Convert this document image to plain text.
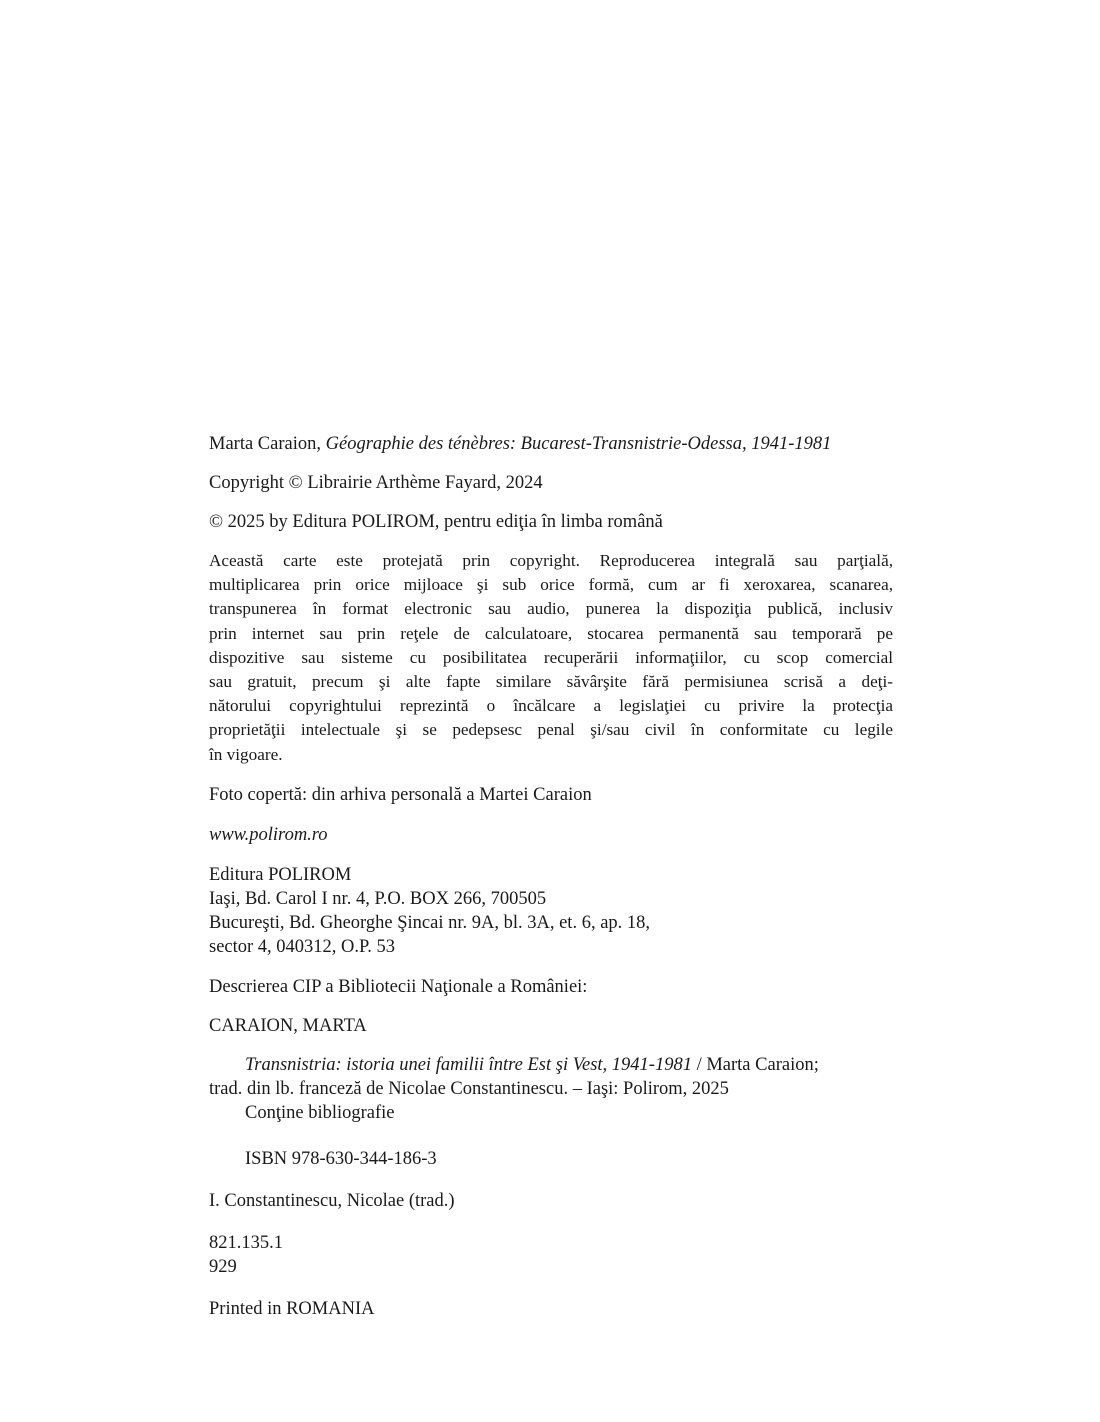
Marta Caraion, Géographie des ténèbres: Bucarest-Transnistrie-Odessa, 1941-1981

Copyright © Librairie Arthème Fayard, 2024

© 2025 by Editura POLIROM, pentru ediţia în limba română

Această carte este protejată prin copyright. Reproducerea integrală sau parţială,
multiplicarea prin orice mijloace şi sub orice formă, cum ar fi xeroxarea, scanarea,
transpunerea în format electronic sau audio, punerea la dispoziţia publică, inclusiv
prin internet sau prin reţele de calculatoare, stocarea permanentă sau temporară pe
dispozitive sau sisteme cu posibilitatea recuperării informaţiilor, cu scop comercial
sau gratuit, precum şi alte fapte similare săvârşite fără permisiunea scrisă a deţi-
nătorului copyrightului reprezintă o încălcare a legislaţiei cu privire la protecţia
proprietăţii intelectuale şi se pedepsesc penal şi/sau civil în conformitate cu legile
în vigoare.

Foto copertă: din arhiva personală a Martei Caraion

www.polirom.ro

Editura POLIROM

Iaşi, Bd. Carol I nr. 4, P.O. BOX 266, 700505

Bucureşti, Bd. Gheorghe Şincai nr. 9A, bl. 3A, et. 6, ap. 18,

sector 4, 040312, O.P. 53

Descrierea CIP a Bibliotecii Naţionale a României:

CARAION, MARTA

Transnistria: istoria unei familii între Est şi Vest, 1941-1981 / Marta Caraion;

trad. din lb. franceză de Nicolae Constantinescu. – Iaşi: Polirom, 2025

Conţine bibliografie

ISBN 978-630-344-186-3

I. Constantinescu, Nicolae (trad.)

821.135.1

929

Printed in ROMANIA
